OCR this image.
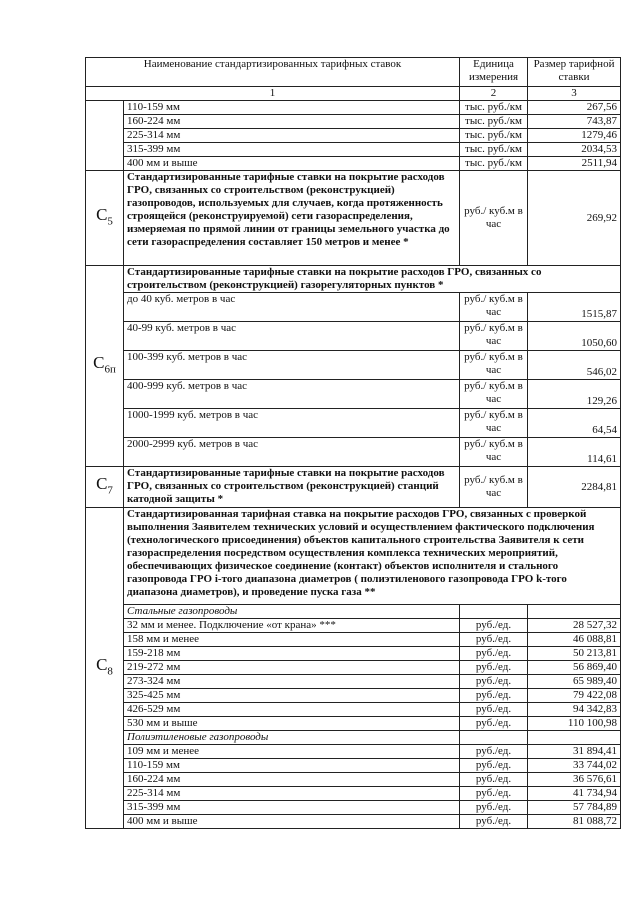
Наименование стандартизированных тарифных ставок		Единица измерения	Размер тарифной ставки
1		2	3
	110-159 мм	тыс. руб./км	267,56
	160-224 мм	тыс. руб./км	743,87
	225-314 мм	тыс. руб./км	1279,46
	315-399 мм	тыс. руб./км	2034,53
	400 мм и выше	тыс. руб./км	2511,94
$C_5$	Стандартизированные тарифные ставки на покрытие расходов ГРО, связанных со строительством (реконструкцией) газопроводов, используемых для случаев, когда протяженность строящейся (реконструируемой) сети газораспределения, измеряемая по прямой линии от границы земельного участка до сети газораспределения составляет 150 метров и менее *	руб./ куб.м в час	269,92
$C_{6п}$	Стандартизированные тарифные ставки на покрытие расходов ГРО, связанных со строительством (реконструкцией) газорегуляторных пунктов *		
	до 40 куб. метров в час	руб./ куб.м в час	1515,87
	40-99 куб. метров в час	руб./ куб.м в час	1050,60
	100-399 куб. метров в час	руб./ куб.м в час	546,02
	400-999 куб. метров в час	руб./ куб.м в час	129,26
	1000-1999 куб. метров в час	руб./ куб.м в час	64,54
	2000-2999 куб. метров в час	руб./ куб.м в час	114,61
$C_7$	Стандартизированные тарифные ставки на покрытие расходов ГРО, связанных со строительством (реконструкцией) станций катодной защиты *	руб./ куб.м в час	2284,81
$C_8$	Стандартизированная тарифная ставка на покрытие расходов ГРО, связанных с проверкой выполнения Заявителем технических условий и осуществлением фактического подключения (технологического присоединения) объектов капитального строительства Заявителя к сети газораспределения посредством осуществления комплекса технических мероприятий, обеспечивающих физическое соединение (контакт) объектов исполнителя и стального газопровода ГРО i-того диапазона диаметров ( полиэтиленового газопровода ГРО k-того диапазона диаметров), и проведение пуска газа **		
	Стальные газопроводы		
	32 мм и менее. Подключение «от крана» ***	руб./ед.	28 527,32
	158 мм и менее	руб./ед.	46 088,81
	159-218 мм	руб./ед.	50 213,81
	219-272 мм	руб./ед.	56 869,40
	273-324 мм	руб./ед.	65 989,40
	325-425 мм	руб./ед.	79 422,08
	426-529 мм	руб./ед.	94 342,83
	530 мм и выше	руб./ед.	110 100,98
	Полиэтиленовые газопроводы		
	109 мм и менее	руб./ед.	31 894,41
	110-159 мм	руб./ед.	33 744,02
	160-224 мм	руб./ед.	36 576,61
	225-314 мм	руб./ед.	41 734,94
	315-399 мм	руб./ед.	57 784,89
	400 мм и выше	руб./ед.	81 088,72
